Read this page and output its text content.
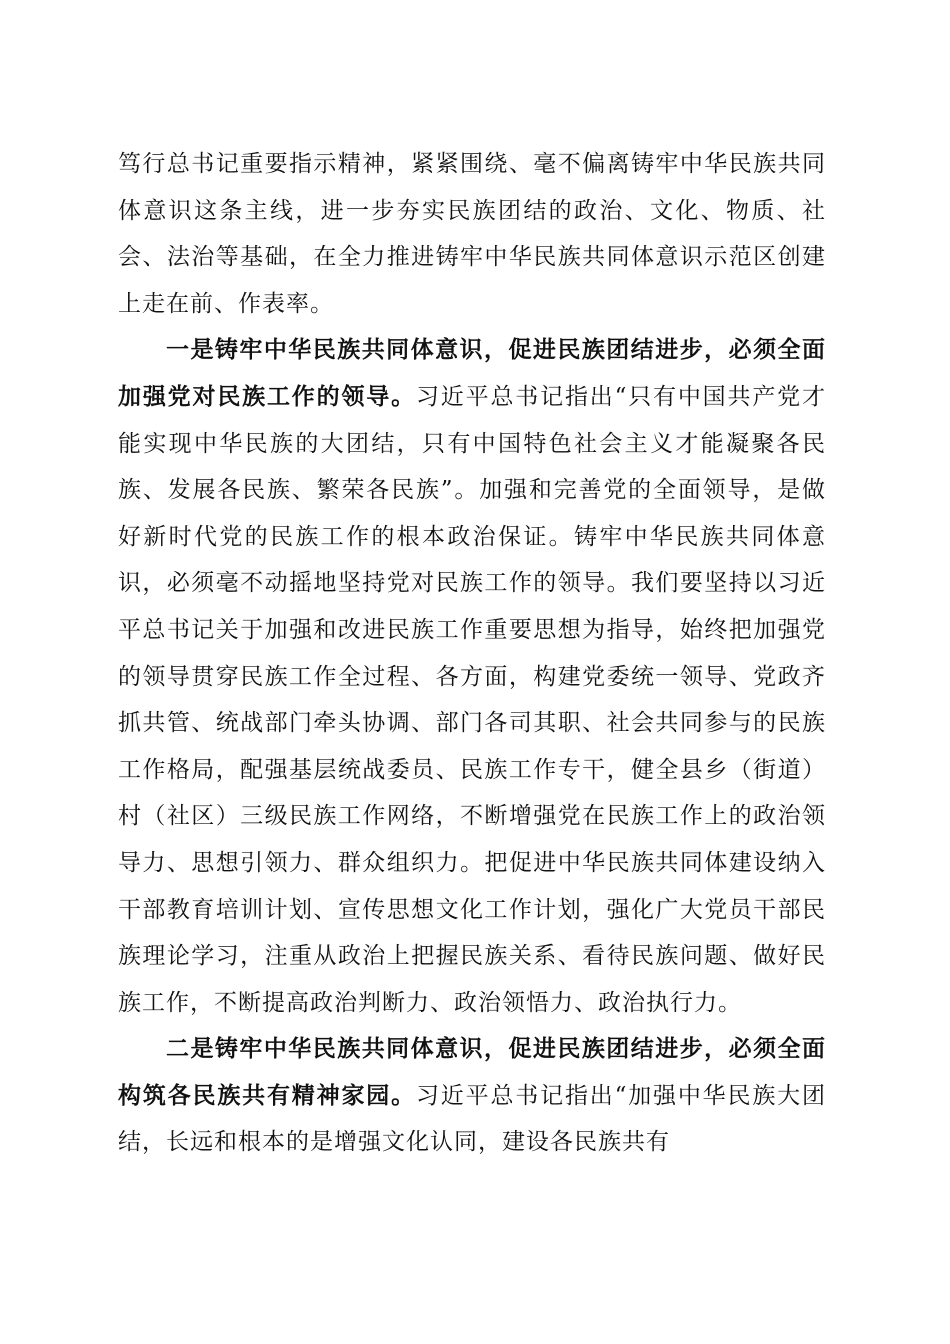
笃行总书记重要指示精神，紧紧围绕、毫不偏离铸牢中华民族共同体意识这条主线，进一步夯实民族团结的政治、文化、物质、社会、法治等基础，在全力推进铸牢中华民族共同体意识示范区创建上走在前、作表率。

一是铸牢中华民族共同体意识，促进民族团结进步，必须全面加强党对民族工作的领导。习近平总书记指出“只有中国共产党才能实现中华民族的大团结，只有中国特色社会主义才能凝聚各民族、发展各民族、繁荣各民族”。加强和完善党的全面领导，是做好新时代党的民族工作的根本政治保证。铸牢中华民族共同体意识，必须毫不动摇地坚持党对民族工作的领导。我们要坚持以习近平总书记关于加强和改进民族工作重要思想为指导，始终把加强党的领导贯穿民族工作全过程、各方面，构建党委统一领导、党政齐抓共管、统战部门牵头协调、部门各司其职、社会共同参与的民族工作格局，配强基层统战委员、民族工作专干，健全县乡（街道）村（社区）三级民族工作网络，不断增强党在民族工作上的政治领导力、思想引领力、群众组织力。把促进中华民族共同体建设纳入干部教育培训计划、宣传思想文化工作计划，强化广大党员干部民族理论学习，注重从政治上把握民族关系、看待民族问题、做好民族工作，不断提高政治判断力、政治领悟力、政治执行力。

二是铸牢中华民族共同体意识，促进民族团结进步，必须全面构筑各民族共有精神家园。习近平总书记指出“加强中华民族大团结，长远和根本的是增强文化认同，建设各民族共有
